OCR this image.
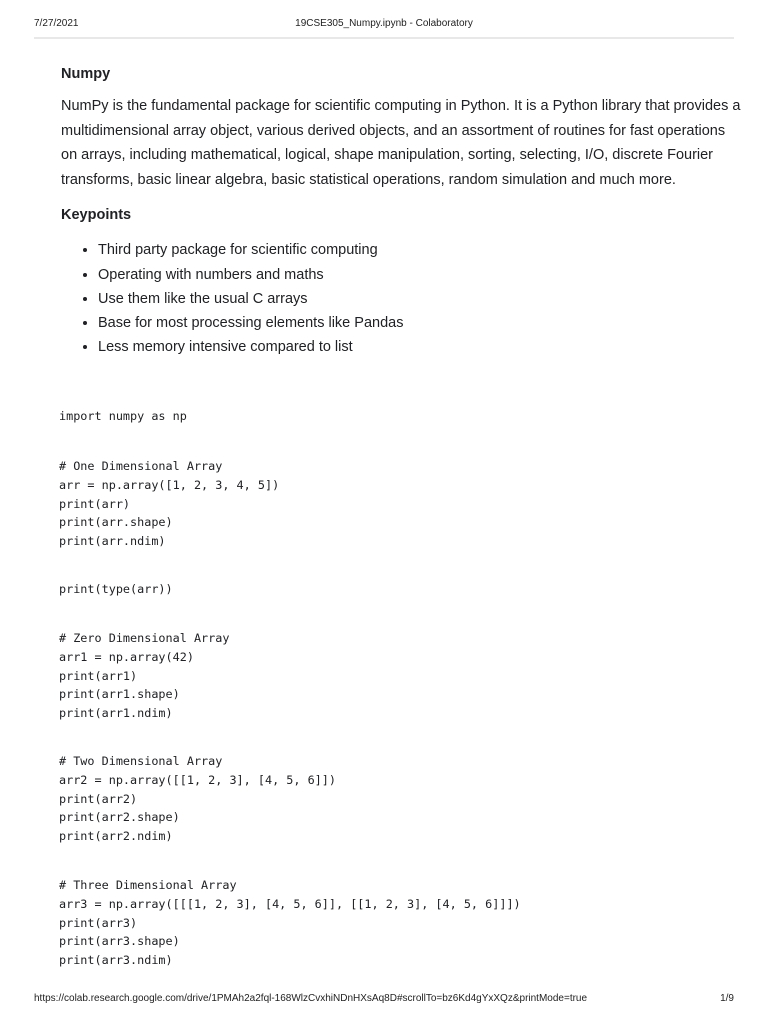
7/27/2021	19CSE305_Numpy.ipynb - Colaboratory
Numpy

NumPy is the fundamental package for scientific computing in Python. It is a Python library that provides a multidimensional array object, various derived objects, and an assortment of routines for fast operations on arrays, including mathematical, logical, shape manipulation, sorting, selecting, I/O, discrete Fourier transforms, basic linear algebra, basic statistical operations, random simulation and much more.

Keypoints
• Third party package for scientific computing
• Operating with numbers and maths
• Use them like the usual C arrays
• Base for most processing elements like Pandas
• Less memory intensive compared to list
import numpy as np
# One Dimensional Array
arr = np.array([1, 2, 3, 4, 5])
print(arr)
print(arr.shape)
print(arr.ndim)
print(type(arr))
# Zero Dimensional Array
arr1 = np.array(42)
print(arr1)
print(arr1.shape)
print(arr1.ndim)
# Two Dimensional Array
arr2 = np.array([[1, 2, 3], [4, 5, 6]])
print(arr2)
print(arr2.shape)
print(arr2.ndim)
# Three Dimensional Array
arr3 = np.array([[[1, 2, 3], [4, 5, 6]], [[1, 2, 3], [4, 5, 6]]])
print(arr3)
print(arr3.shape)
print(arr3.ndim)
https://colab.research.google.com/drive/1PMAh2a2fql-168WlzCvxhiNDnHXsAq8D#scrollTo=bz6Kd4gYxXQz&printMode=true	1/9
